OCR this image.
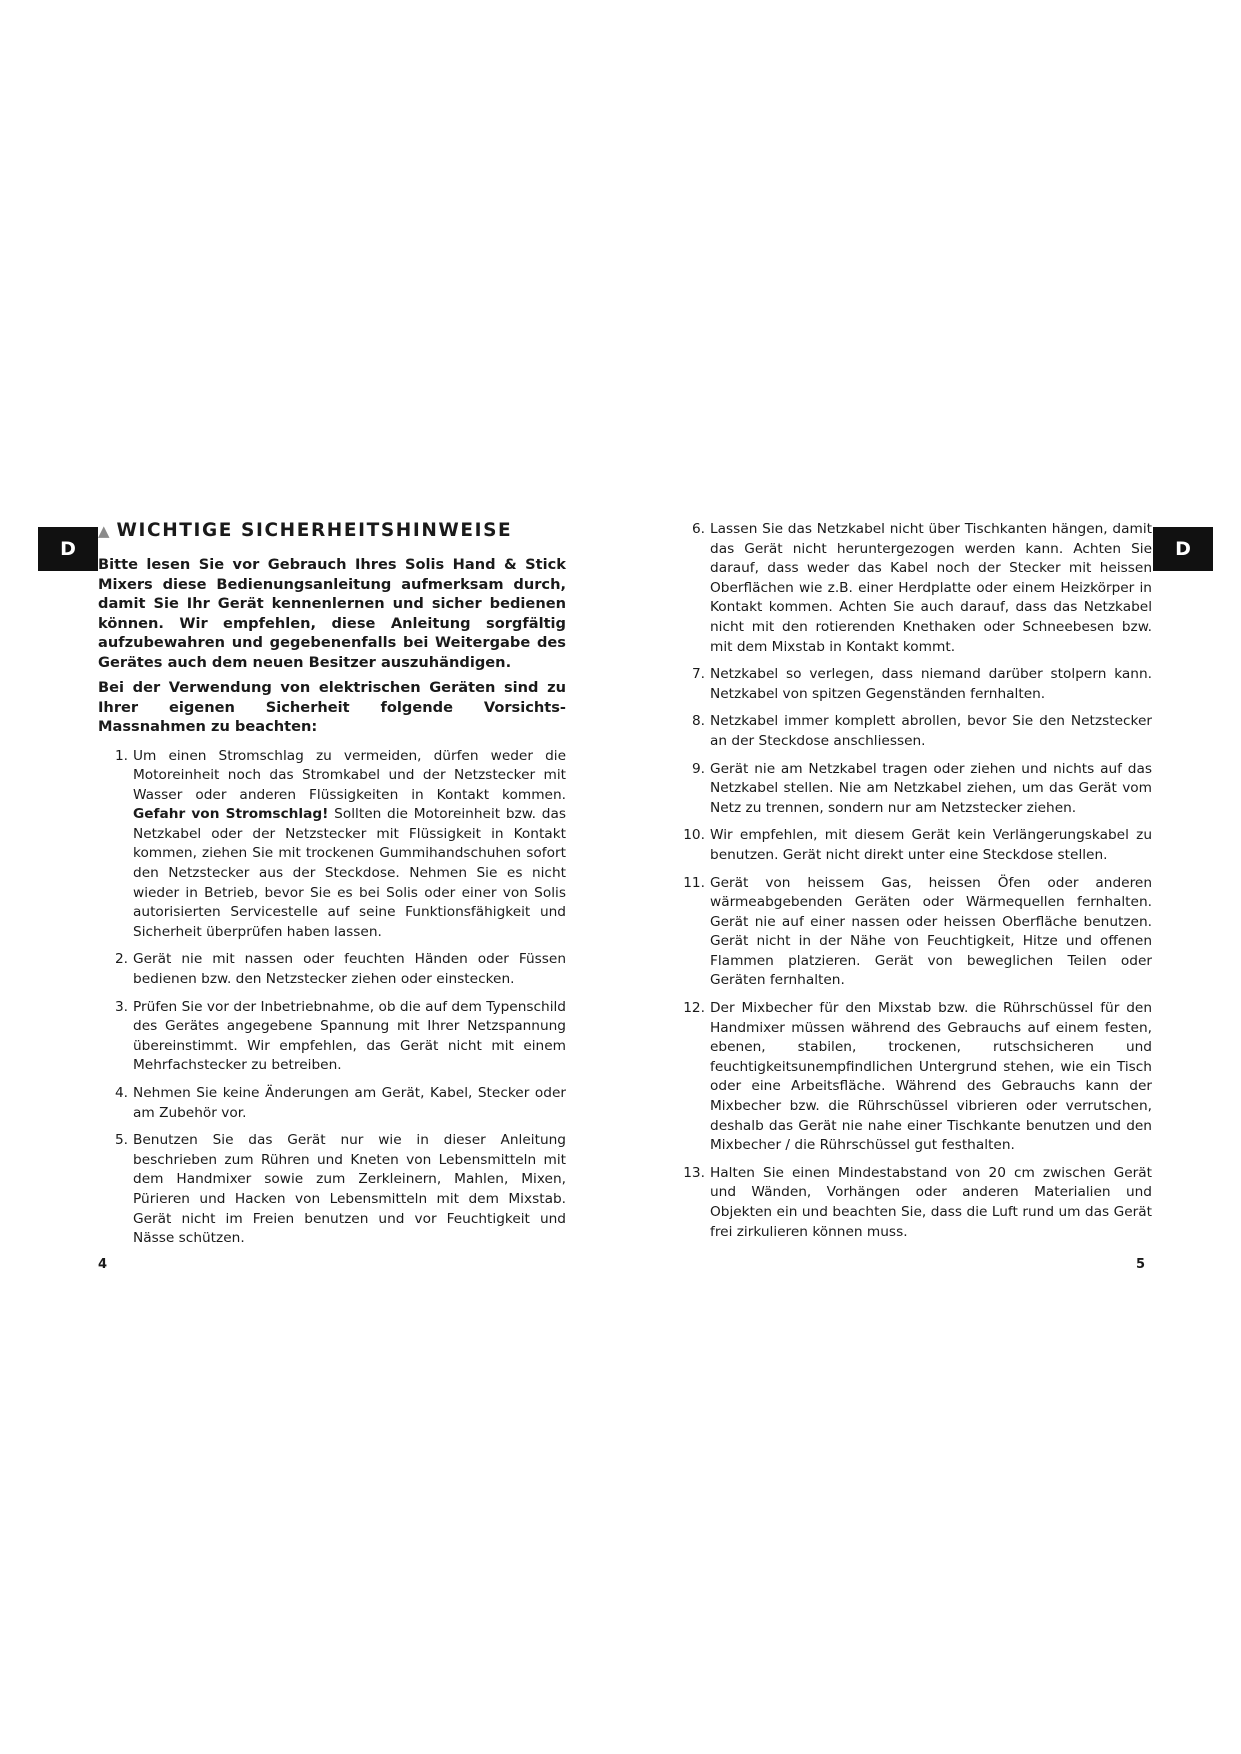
D	D
▲ WICHTIGE SICHERHEITSHINWEISE

Bitte lesen Sie vor Gebrauch Ihres Solis Hand & Stick Mixers diese Bedienungsanleitung aufmerksam durch, damit Sie Ihr Gerät kennenlernen und sicher bedienen können. Wir empfehlen, diese Anleitung sorgfältig aufzubewahren und gegebenenfalls bei Weitergabe des Gerätes auch dem neuen Besitzer auszuhändigen.

Bei der Verwendung von elektrischen Geräten sind zu Ihrer eigenen Sicherheit folgende Vorsichts-Massnahmen zu beachten:

1. Um einen Stromschlag zu vermeiden, dürfen weder die Motoreinheit noch das Stromkabel und der Netzstecker mit Wasser oder anderen Flüssigkeiten in Kontakt kommen. Gefahr von Stromschlag! Sollten die Motoreinheit bzw. das Netzkabel oder der Netzstecker mit Flüssigkeit in Kontakt kommen, ziehen Sie mit trockenen Gummihandschuhen sofort den Netzstecker aus der Steckdose. Nehmen Sie es nicht wieder in Betrieb, bevor Sie es bei Solis oder einer von Solis autorisierten Servicestelle auf seine Funktionsfähigkeit und Sicherheit überprüfen haben lassen.
2. Gerät nie mit nassen oder feuchten Händen oder Füssen bedienen bzw. den Netzstecker ziehen oder einstecken.
3. Prüfen Sie vor der Inbetriebnahme, ob die auf dem Typenschild des Gerätes angegebene Spannung mit Ihrer Netzspannung übereinstimmt. Wir empfehlen, das Gerät nicht mit einem Mehrfachstecker zu betreiben.
4. Nehmen Sie keine Änderungen am Gerät, Kabel, Stecker oder am Zubehör vor.
5. Benutzen Sie das Gerät nur wie in dieser Anleitung beschrieben zum Rühren und Kneten von Lebensmitteln mit dem Handmixer sowie zum Zerkleinern, Mahlen, Mixen, Pürieren und Hacken von Lebensmitteln mit dem Mixstab. Gerät nicht im Freien benutzen und vor Feuchtigkeit und Nässe schützen.
6. Lassen Sie das Netzkabel nicht über Tischkanten hängen, damit das Gerät nicht heruntergezogen werden kann. Achten Sie darauf, dass weder das Kabel noch der Stecker mit heissen Oberflächen wie z.B. einer Herdplatte oder einem Heizkörper in Kontakt kommen. Achten Sie auch darauf, dass das Netzkabel nicht mit den rotierenden Knethaken oder Schneebesen bzw. mit dem Mixstab in Kontakt kommt.
7. Netzkabel so verlegen, dass niemand darüber stolpern kann. Netzkabel von spitzen Gegenständen fernhalten.
8. Netzkabel immer komplett abrollen, bevor Sie den Netzstecker an der Steckdose anschliessen.
9. Gerät nie am Netzkabel tragen oder ziehen und nichts auf das Netzkabel stellen. Nie am Netzkabel ziehen, um das Gerät vom Netz zu trennen, sondern nur am Netzstecker ziehen.
10. Wir empfehlen, mit diesem Gerät kein Verlängerungskabel zu benutzen. Gerät nicht direkt unter eine Steckdose stellen.
11. Gerät von heissem Gas, heissen Öfen oder anderen wärmeabgebenden Geräten oder Wärmequellen fernhalten. Gerät nie auf einer nassen oder heissen Oberfläche benutzen. Gerät nicht in der Nähe von Feuchtigkeit, Hitze und offenen Flammen platzieren. Gerät von beweglichen Teilen oder Geräten fernhalten.
12. Der Mixbecher für den Mixstab bzw. die Rührschüssel für den Handmixer müssen während des Gebrauchs auf einem festen, ebenen, stabilen, trockenen, rutschsicheren und feuchtigkeitsunempfindlichen Untergrund stehen, wie ein Tisch oder eine Arbeitsfläche. Während des Gebrauchs kann der Mixbecher bzw. die Rührschüssel vibrieren oder verrutschen, deshalb das Gerät nie nahe einer Tischkante benutzen und den Mixbecher / die Rührschüssel gut festhalten.
13. Halten Sie einen Mindestabstand von 20 cm zwischen Gerät und Wänden, Vorhängen oder anderen Materialien und Objekten ein und beachten Sie, dass die Luft rund um das Gerät frei zirkulieren können muss.
4	5
